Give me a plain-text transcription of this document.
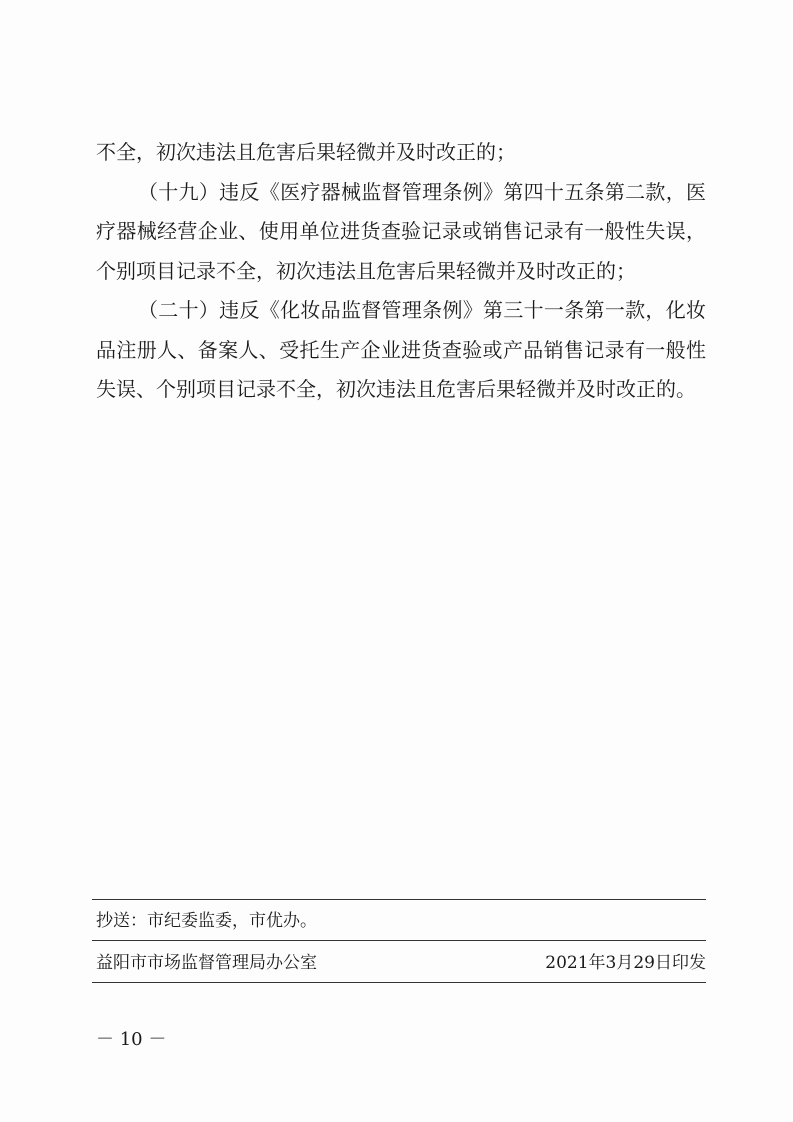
不全，初次违法且危害后果轻微并及时改正的；

（十九）违反《医疗器械监督管理条例》第四十五条第二款，医疗器械经营企业、使用单位进货查验记录或销售记录有一般性失误，个别项目记录不全，初次违法且危害后果轻微并及时改正的；

（二十）违反《化妆品监督管理条例》第三十一条第一款，化妆品注册人、备案人、受托生产企业进货查验或产品销售记录有一般性失误、个别项目记录不全，初次违法且危害后果轻微并及时改正的。

抄送：市纪委监委，市优办。
益阳市市场监督管理局办公室	2021年3月29日印发
－ 10 －
